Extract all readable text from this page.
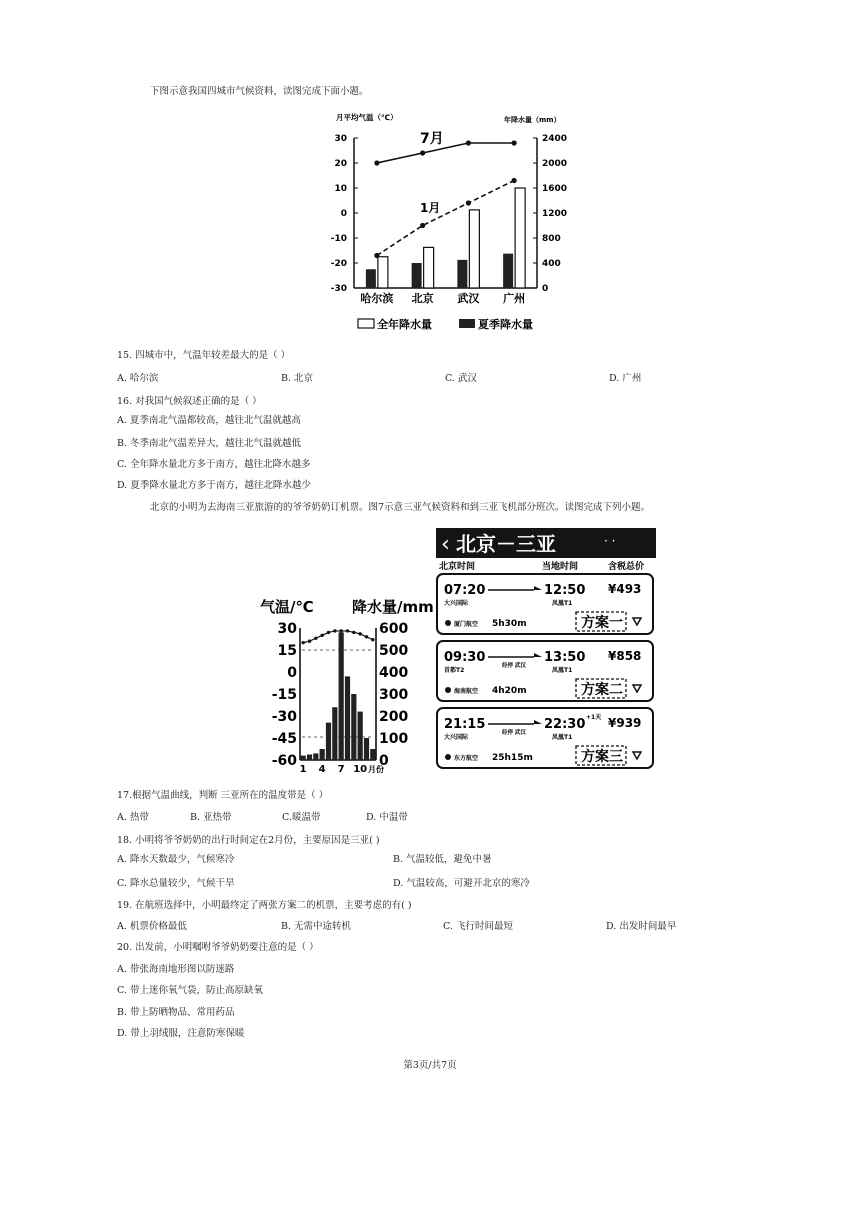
下图示意我国四城市气候资料，读图完成下面小题。
月平均气温（℃）	年降水量（mm）
30
20
10
0
-10
-20
-30
2400
2000
1600
1200
800
400
0
哈尔滨 北京 武汉 广州
7月
1月
全年降水量	夏季降水量
15. 四城市中，气温年较差最大的是（ ）
A. 哈尔滨	B. 北京	C. 武汉	D. 广州
16. 对我国气候叙述正确的是（ ）
A. 夏季南北气温都较高，越往北气温就越高
B. 冬季南北气温差异大，越往北气温就越低
C. 全年降水量北方多于南方，越往北降水越多
D. 夏季降水量北方多于南方，越往北降水越少
北京的小明为去海南三亚旅游的的爷爷奶奶订机票。图7示意三亚气候资料和到三亚飞机部分班次。读图完成下列小题。
气温/℃	降水量/mm
30
15
0
-15
-30
-45
-60
600
500
400
300
200
100
0
1 4 7 10 月份
‹ 北京－三亚	· ·
北京时间	当地时间	含税总价
07:20
大兴国际
12:50
凤凰T1
¥493
厦门航空 5h30m	方案一
09:30
首都T2
经停 武汉
13:50
凤凰T1
¥858
海南航空 4h20m	方案二
21:15
大兴国际
经停 武汉
22:30 +1天
凤凰T1
¥939
东方航空 25h15m	方案三
17.根据气温曲线，判断 三亚所在的温度带是（ ）
A. 热带	B. 亚热带	C.暖温带	D. 中温带
18. 小明将爷爷奶奶的出行时间定在2月份，主要原因是三亚( )
A. 降水天数最少，气候寒冷	B. 气温较低，避免中暑
C. 降水总量较少，气候干旱	D. 气温较高，可避开北京的寒冷
19. 在航班选择中，小明最终定了两张方案二的机票，主要考虑的有( )
A. 机票价格最低	B. 无需中途转机	C. 飞行时间最短	D. 出发时间最早
20. 出发前，小明嘱咐爷爷奶奶要注意的是（ ）
A. 带张海南地形图以防迷路
C. 带上迷你氧气袋，防止高原缺氧
B. 带上防晒物品、常用药品
D. 带上羽绒服，注意防寒保暖
第3页/共7页
